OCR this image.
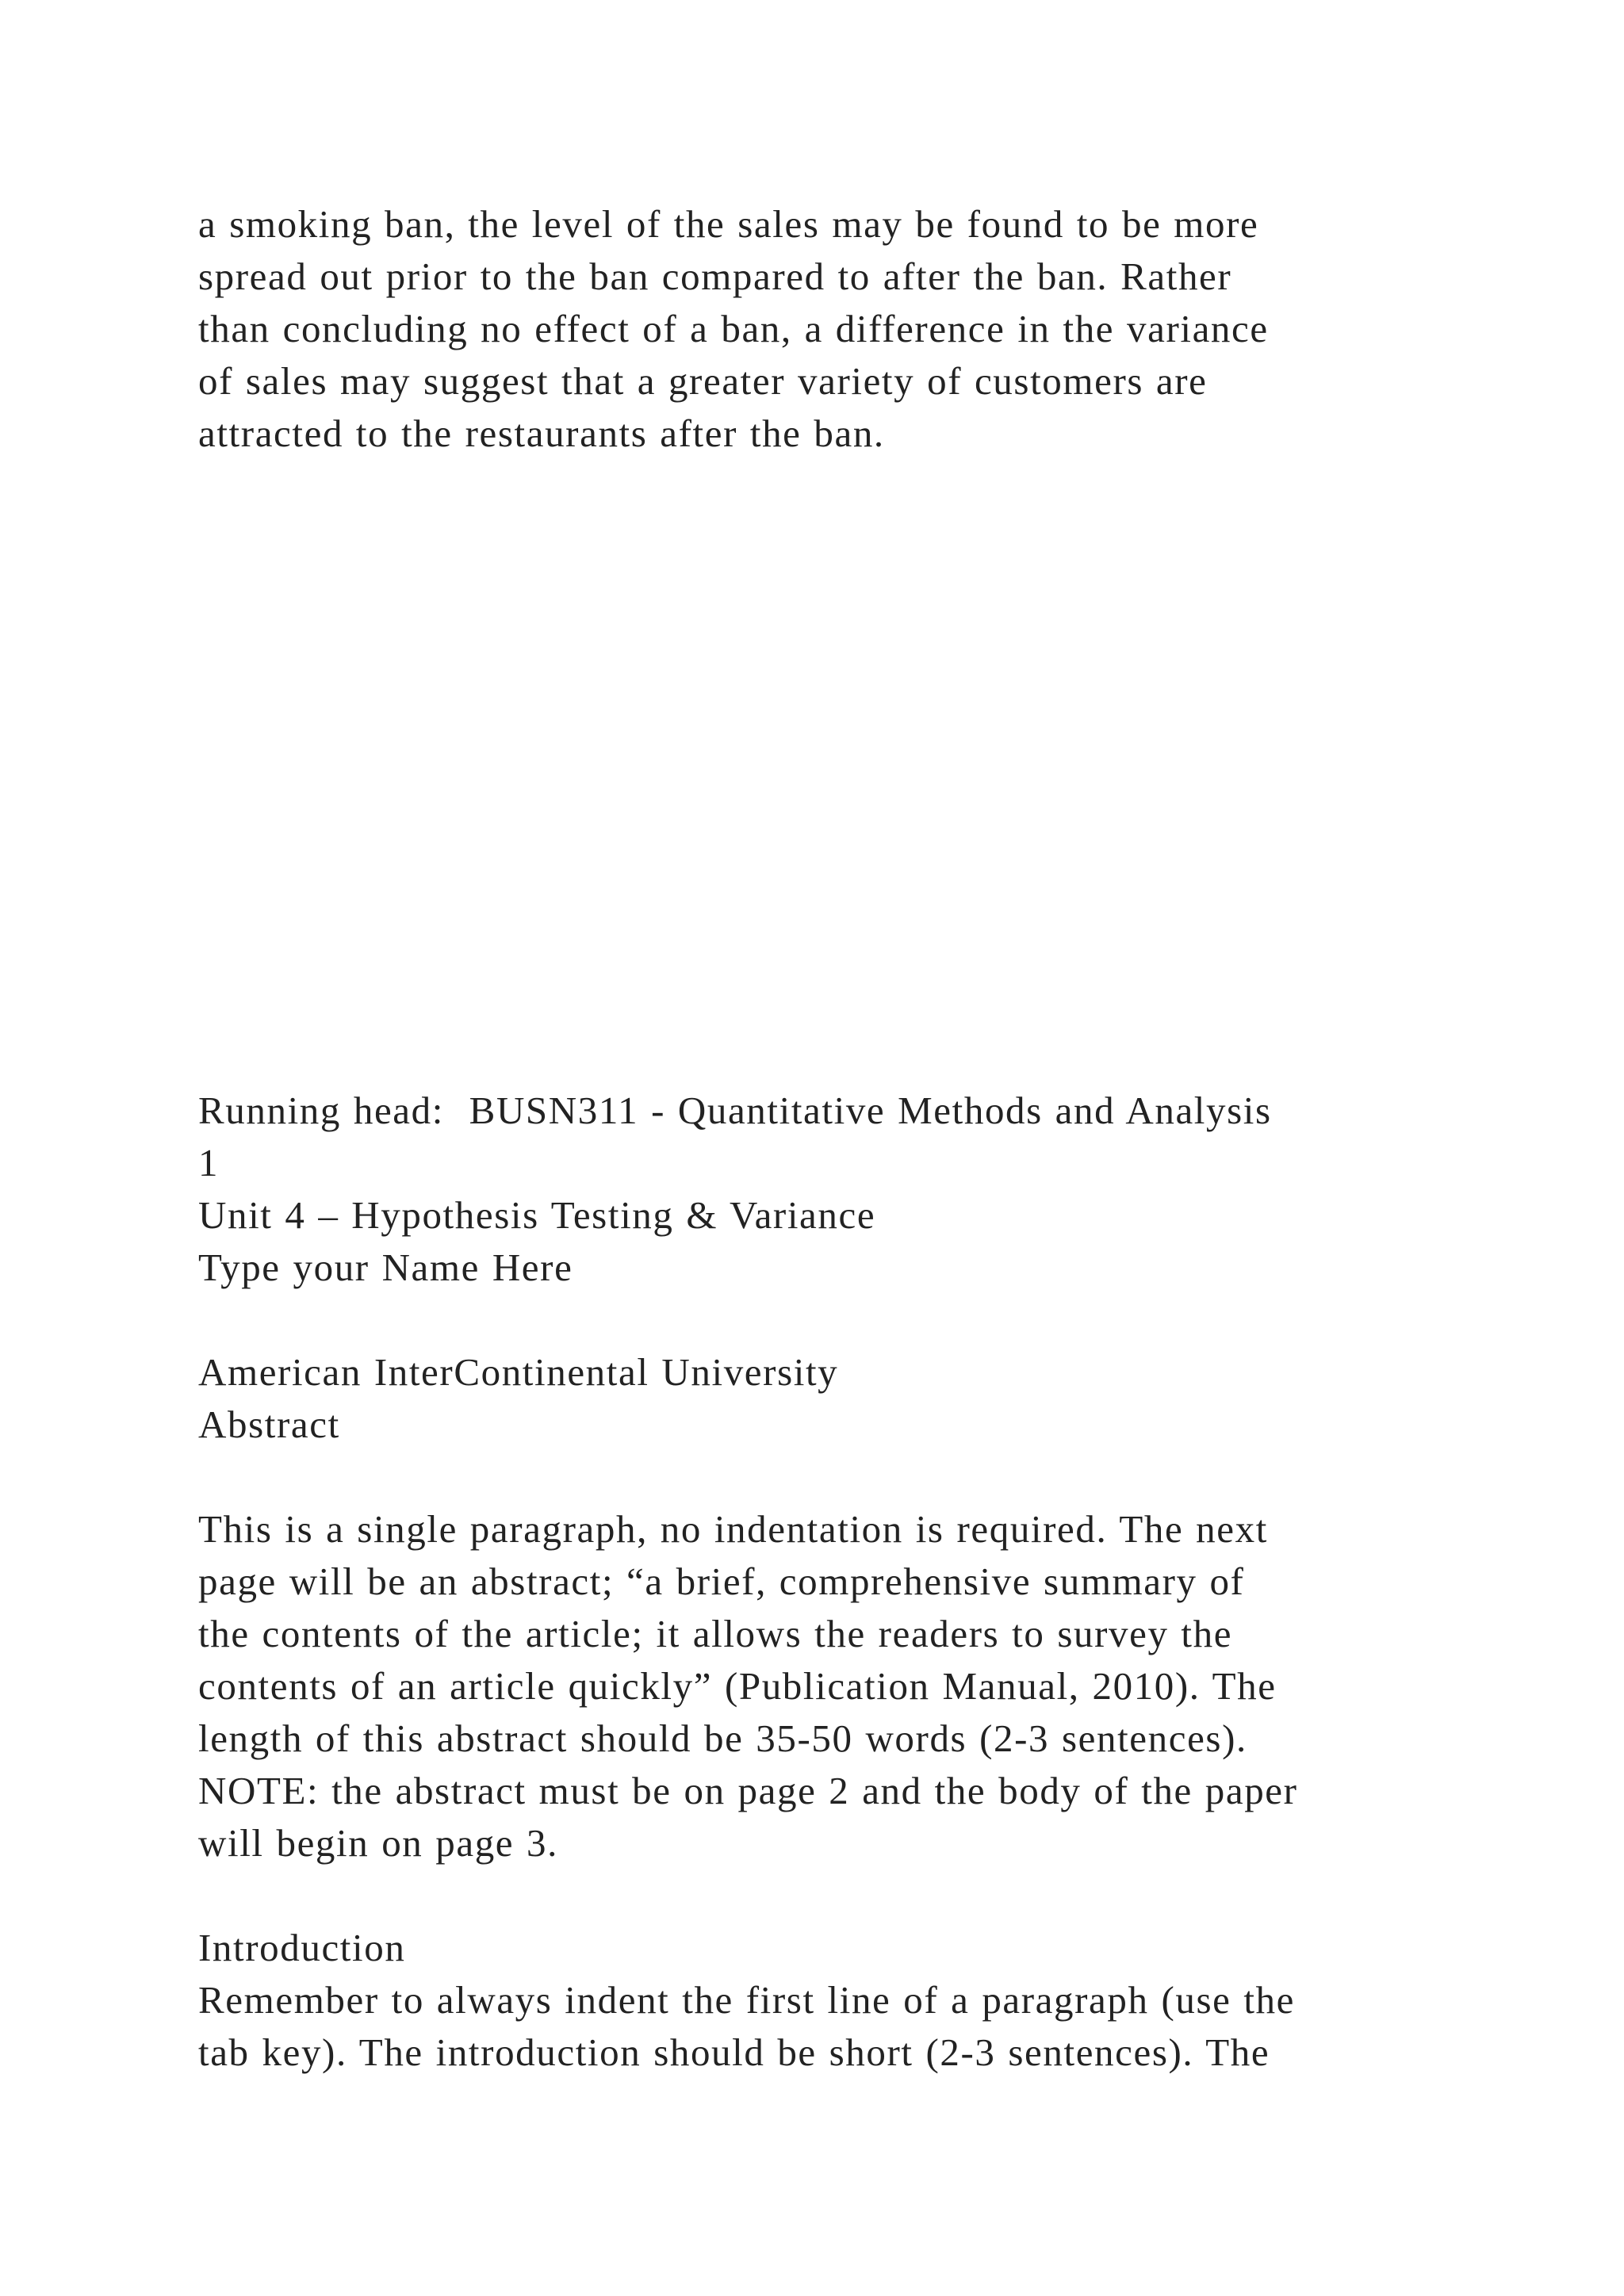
a smoking ban, the level of the sales may be found to be more
spread out prior to the ban compared to after the ban. Rather
than concluding no effect of a ban, a difference in the variance
of sales may suggest that a greater variety of customers are
attracted to the restaurants after the ban.
Running head:  BUSN311 - Quantitative Methods and Analysis
1
Unit 4 – Hypothesis Testing & Variance
Type your Name Here
American InterContinental University
Abstract
This is a single paragraph, no indentation is required. The next
page will be an abstract; “a brief, comprehensive summary of
the contents of the article; it allows the readers to survey the
contents of an article quickly” (Publication Manual, 2010). The
length of this abstract should be 35-50 words (2-3 sentences).
NOTE: the abstract must be on page 2 and the body of the paper
will begin on page 3.
Introduction
Remember to always indent the first line of a paragraph (use the
tab key). The introduction should be short (2-3 sentences). The
